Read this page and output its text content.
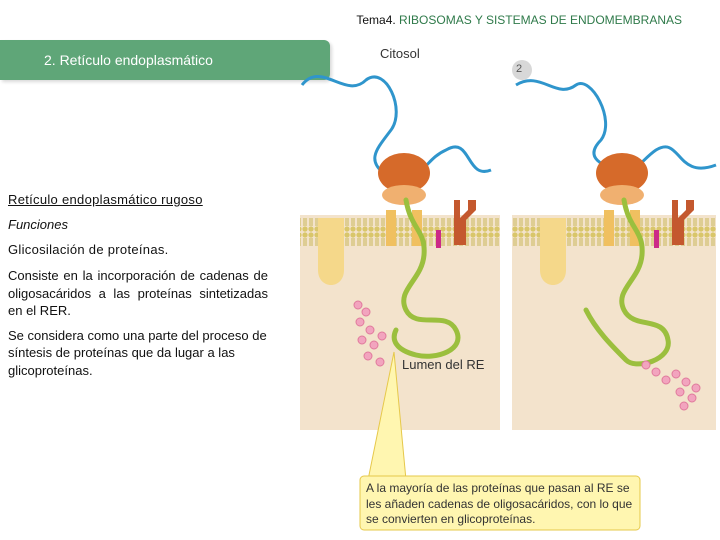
Tema4. RIBOSOMAS Y SISTEMAS DE ENDOMEMBRANAS
2. Retículo endoplasmático
Retículo endoplasmático rugoso
Funciones
Glicosilación de proteínas.

Consiste en la incorporación de cadenas de oligosacáridos a las proteínas sintetizadas en el RER.

Se considera como una parte del proceso de síntesis de proteínas que da lugar a las glicoproteínas.

Citosol
2
Lumen del RE
A la mayoría de las proteínas que pasan al RE se les añaden cadenas de oligosacáridos, con lo que se convierten en glicoproteínas.
